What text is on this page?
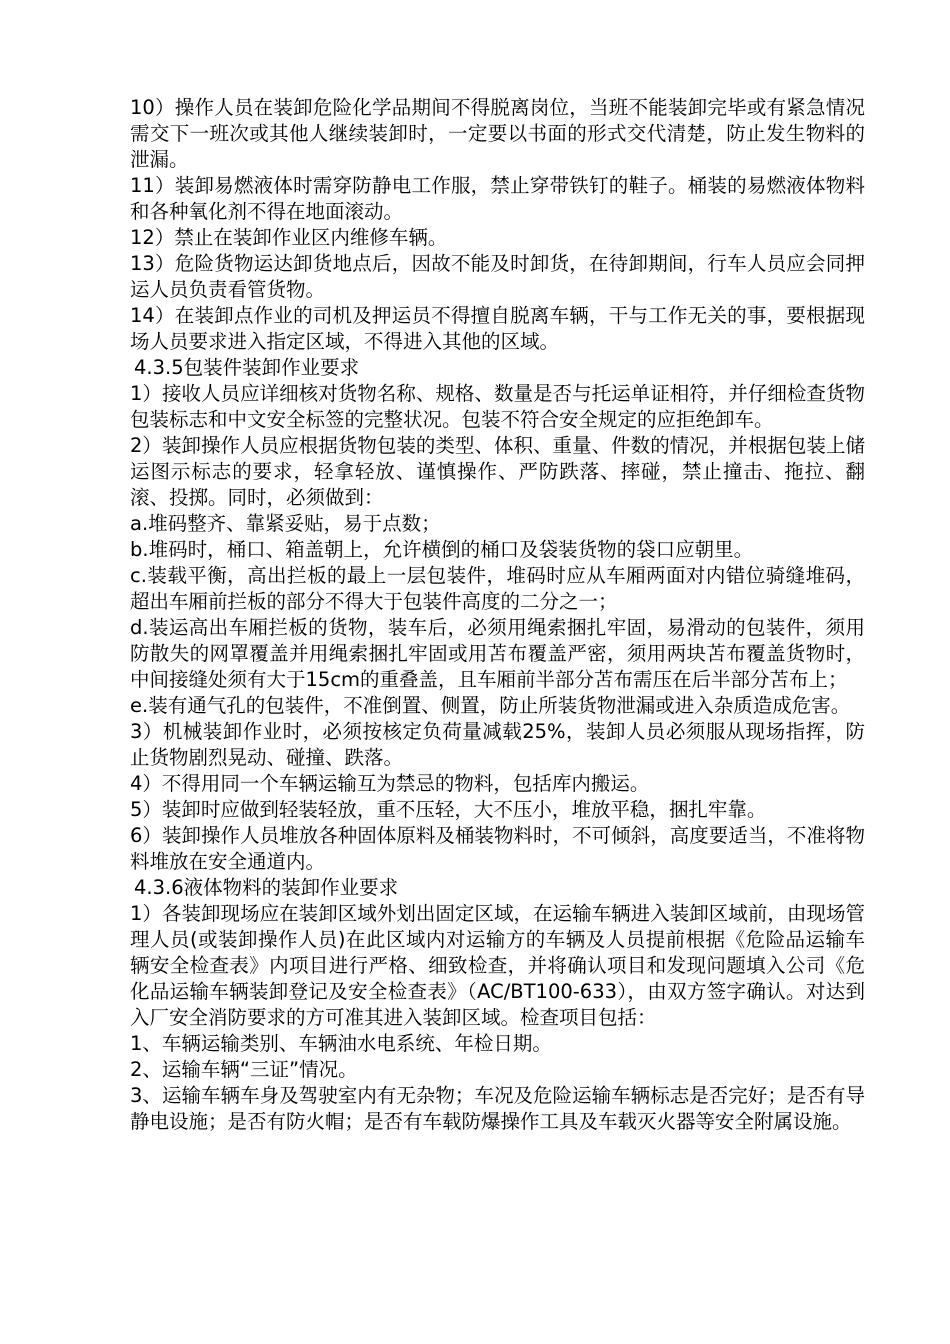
10）操作人员在装卸危险化学品期间不得脱离岗位，当班不能装卸完毕或有紧急情况需交下一班次或其他人继续装卸时，一定要以书面的形式交代清楚，防止发生物料的泄漏。

11）装卸易燃液体时需穿防静电工作服，禁止穿带铁钉的鞋子。桶装的易燃液体物料和各种氧化剂不得在地面滚动。

12）禁止在装卸作业区内维修车辆。

13）危险货物运达卸货地点后，因故不能及时卸货，在待卸期间，行车人员应会同押运人员负责看管货物。

14）在装卸点作业的司机及押运员不得擅自脱离车辆，干与工作无关的事，要根据现场人员要求进入指定区域，不得进入其他的区域。

4.3.5包装件装卸作业要求

1）接收人员应详细核对货物名称、规格、数量是否与托运单证相符，并仔细检查货物包装标志和中文安全标签的完整状况。包装不符合安全规定的应拒绝卸车。

2）装卸操作人员应根据货物包装的类型、体积、重量、件数的情况，并根据包装上储运图示标志的要求，轻拿轻放、谨慎操作、严防跌落、摔碰，禁止撞击、拖拉、翻滚、投掷。同时，必须做到：

a.堆码整齐、靠紧妥贴，易于点数；

b.堆码时，桶口、箱盖朝上，允许横倒的桶口及袋装货物的袋口应朝里。

c.装载平衡，高出拦板的最上一层包装件，堆码时应从车厢两面对内错位骑缝堆码，超出车厢前拦板的部分不得大于包装件高度的二分之一；

d.装运高出车厢拦板的货物，装车后，必须用绳索捆扎牢固，易滑动的包装件，须用防散失的网罩覆盖并用绳索捆扎牢固或用苫布覆盖严密，须用两块苫布覆盖货物时，中间接缝处须有大于15cm的重叠盖，且车厢前半部分苫布需压在后半部分苫布上；

e.装有通气孔的包装件，不准倒置、侧置，防止所装货物泄漏或进入杂质造成危害。

3）机械装卸作业时，必须按核定负荷量减载25%，装卸人员必须服从现场指挥，防止货物剧烈晃动、碰撞、跌落。

4）不得用同一个车辆运输互为禁忌的物料，包括库内搬运。

5）装卸时应做到轻装轻放，重不压轻，大不压小，堆放平稳，捆扎牢靠。

6）装卸操作人员堆放各种固体原料及桶装物料时，不可倾斜，高度要适当，不准将物料堆放在安全通道内。

4.3.6液体物料的装卸作业要求

1）各装卸现场应在装卸区域外划出固定区域，在运输车辆进入装卸区域前，由现场管理人员(或装卸操作人员)在此区域内对运输方的车辆及人员提前根据《危险品运输车辆安全检查表》内项目进行严格、细致检查，并将确认项目和发现问题填入公司《危化品运输车辆装卸登记及安全检查表》（AC/BT100-633），由双方签字确认。对达到入厂安全消防要求的方可准其进入装卸区域。检查项目包括：

1、车辆运输类别、车辆油水电系统、年检日期。

2、运输车辆“三证”情况。

3、运输车辆车身及驾驶室内有无杂物；车况及危险运输车辆标志是否完好；是否有导静电设施；是否有防火帽；是否有车载防爆操作工具及车载灭火器等安全附属设施。
